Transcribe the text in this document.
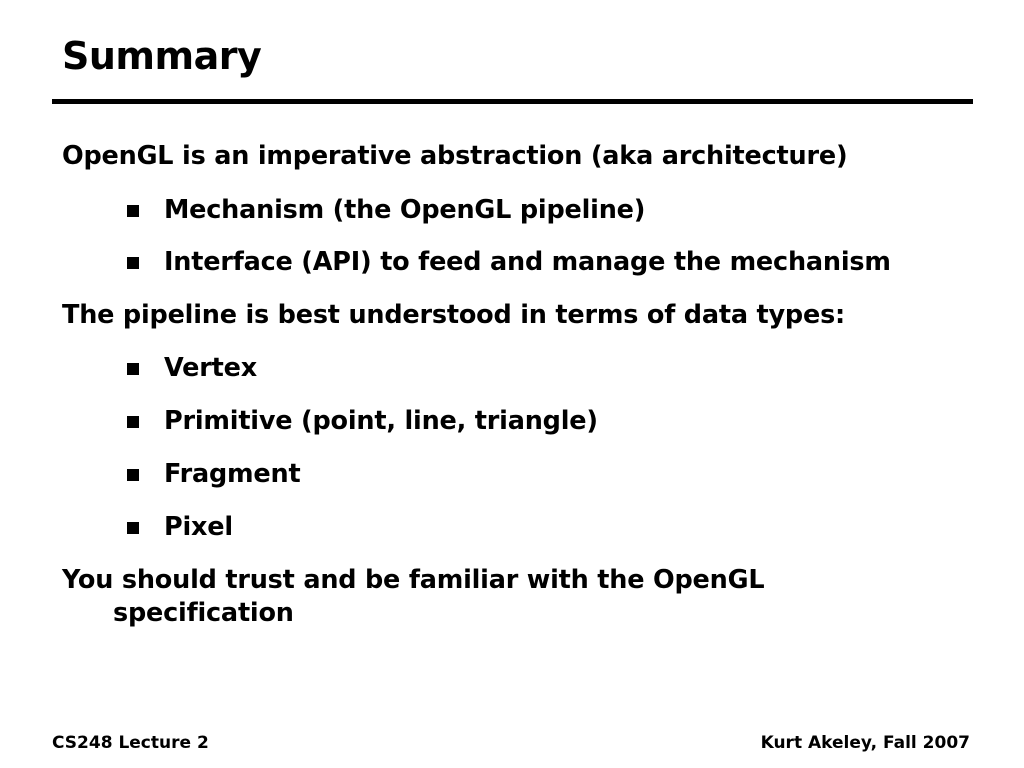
Summary
OpenGL is an imperative abstraction (aka architecture)
Mechanism (the OpenGL pipeline)
Interface (API) to feed and manage the mechanism
The pipeline is best understood in terms of data types:
Vertex
Primitive (point, line, triangle)
Fragment
Pixel
You should trust and be familiar with the OpenGL
specification
CS248 Lecture 2	Kurt Akeley, Fall 2007
